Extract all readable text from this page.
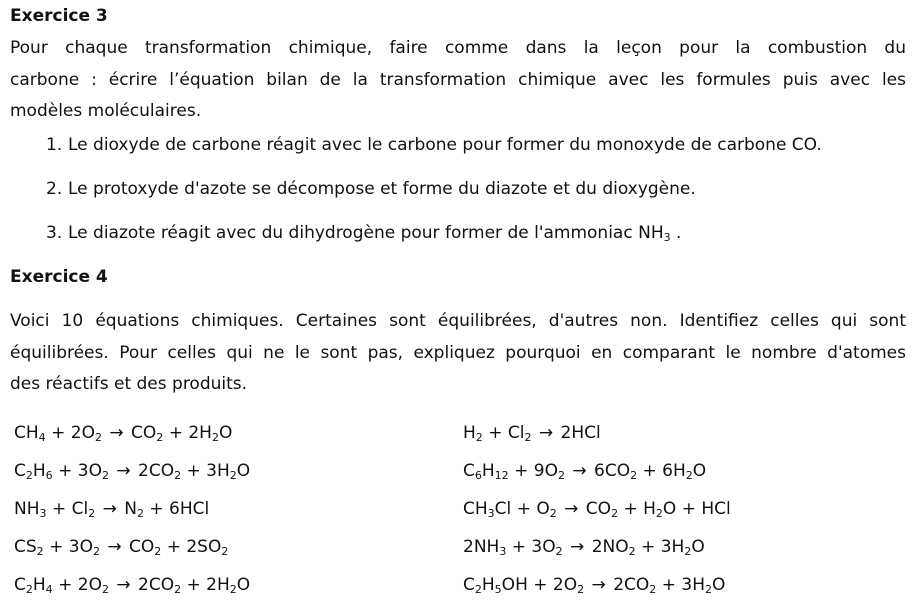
Exercice 3
Pour chaque transformation chimique, faire comme dans la leçon pour la combustion du
carbone : écrire l’équation bilan de la transformation chimique avec les formules puis avec les
modèles moléculaires.
1. Le dioxyde de carbone réagit avec le carbone pour former du monoxyde de carbone CO.
2. Le protoxyde d'azote se décompose et forme du diazote et du dioxygène.
3. Le diazote réagit avec du dihydrogène pour former de l'ammoniac $NH_3$ .
Exercice 4
Voici 10 équations chimiques. Certaines sont équilibrées, d'autres non. Identifiez celles qui sont
équilibrées. Pour celles qui ne le sont pas, expliquez pourquoi en comparant le nombre d'atomes
des réactifs et des produits.
$CH_4 + 2O_2 \to CO_2 + 2H_2O$
$C_2H_6 + 3O_2 \to 2CO_2 + 3H_2O$
$NH_3 + Cl_2 \to N_2 + 6HCl$
$CS_2 + 3O_2 \to CO_2 + 2SO_2$
$C_2H_4 + 2O_2 \to 2CO_2 + 2H_2O$
$H_2 + Cl_2 \to 2HCl$
$C_6H_{12} + 9O_2 \to 6CO_2 + 6H_2O$
$CH_3Cl + O_2 \to CO_2 + H_2O$ + HCl
$2NH_3 + 3O_2 \to 2NO_2 + 3H_2O$
$C_2H_5OH + 2O_2 \to 2CO_2 + 3H_2O$
